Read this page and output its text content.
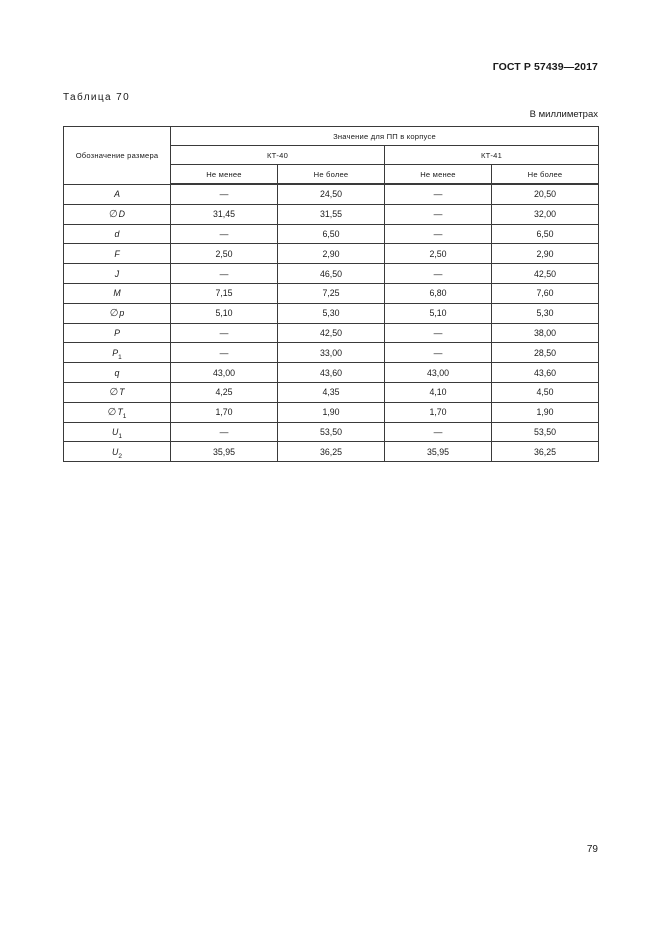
ГОСТ Р 57439—2017
Таблица 70
В миллиметрах
Обозначение размера	Значение для ПП в корпусе			
	КТ-40		КТ-41	
	Не менее	Не более	Не менее	Не более
A	—	24,50	—	20,50
∅D	31,45	31,55	—	32,00
d	—	6,50	—	6,50
F	2,50	2,90	2,50	2,90
J	—	46,50	—	42,50
M	7,15	7,25	6,80	7,60
∅p	5,10	5,30	5,10	5,30
P	—	42,50	—	38,00
$P_1$	—	33,00	—	28,50
q	43,00	43,60	43,00	43,60
∅T	4,25	4,35	4,10	4,50
$\emptyset T_1$	1,70	1,90	1,70	1,90
$U_1$	—	53,50	—	53,50
$U_2$	35,95	36,25	35,95	36,25
79
